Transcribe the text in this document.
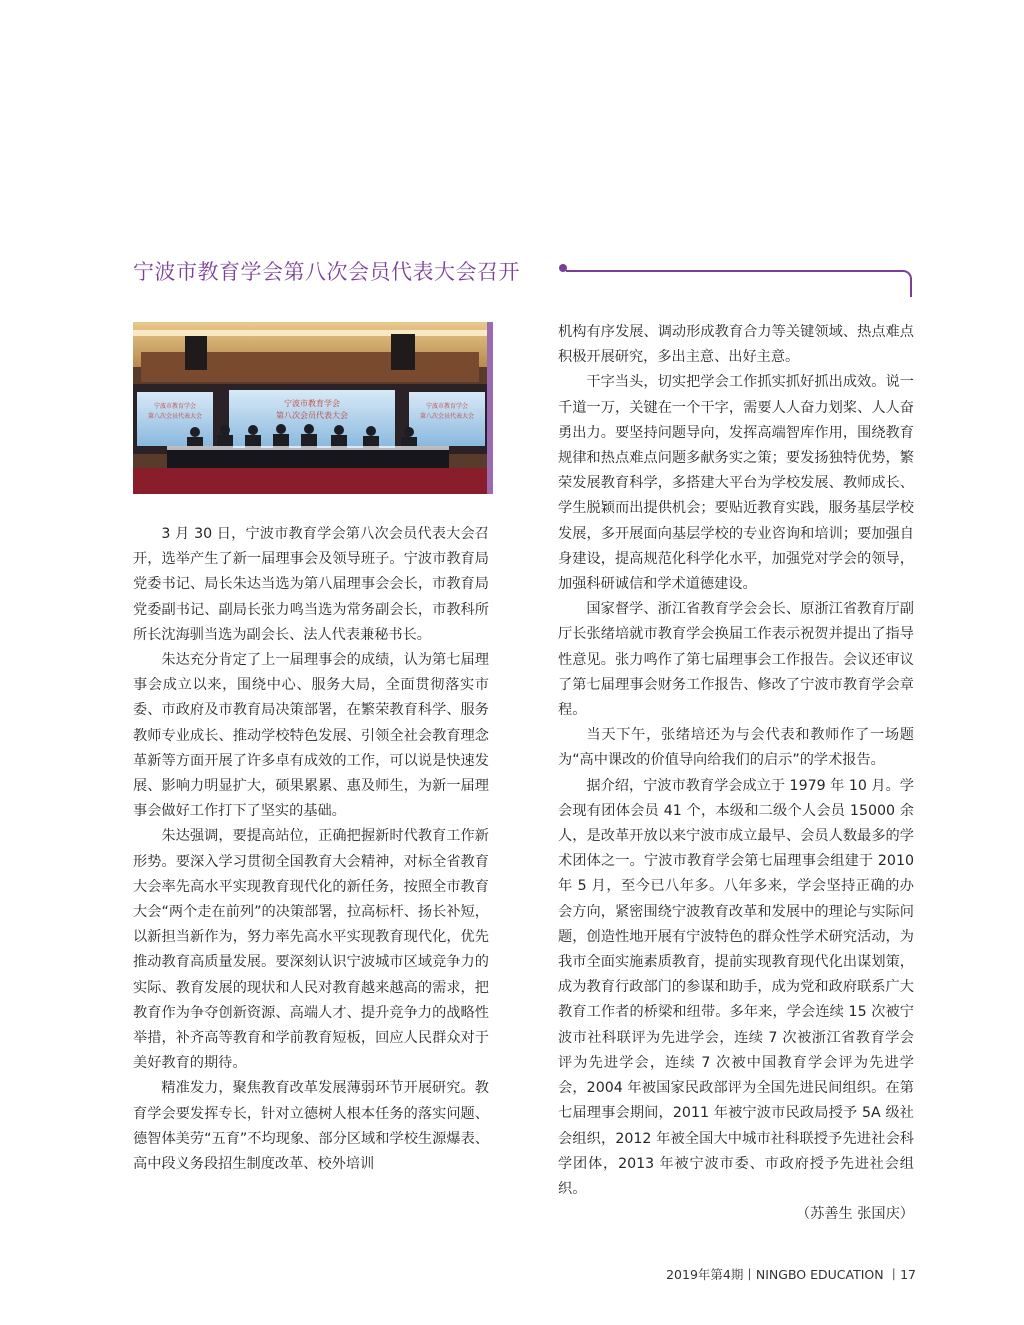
宁波市教育学会第八次会员代表大会召开
宁波市教育学会
第八次会员代表大会
宁波市教育学会
第八次会员代表大会
宁波市教育学会
第八次会员代表大会

3 月 30 日，宁波市教育学会第八次会员代表大会召开，选举产生了新一届理事会及领导班子。宁波市教育局党委书记、局长朱达当选为第八届理事会会长，市教育局党委副书记、副局长张力鸣当选为常务副会长，市教科所所长沈海驯当选为副会长、法人代表兼秘书长。

朱达充分肯定了上一届理事会的成绩，认为第七届理事会成立以来，围绕中心、服务大局，全面贯彻落实市委、市政府及市教育局决策部署，在繁荣教育科学、服务教师专业成长、推动学校特色发展、引领全社会教育理念革新等方面开展了许多卓有成效的工作，可以说是快速发展、影响力明显扩大，硕果累累、惠及师生，为新一届理事会做好工作打下了坚实的基础。

朱达强调，要提高站位，正确把握新时代教育工作新形势。要深入学习贯彻全国教育大会精神，对标全省教育大会率先高水平实现教育现代化的新任务，按照全市教育大会“两个走在前列”的决策部署，拉高标杆、扬长补短，以新担当新作为，努力率先高水平实现教育现代化，优先推动教育高质量发展。要深刻认识宁波城市区域竞争力的实际、教育发展的现状和人民对教育越来越高的需求，把教育作为争夺创新资源、高端人才、提升竞争力的战略性举措，补齐高等教育和学前教育短板，回应人民群众对于美好教育的期待。

精准发力，聚焦教育改革发展薄弱环节开展研究。教育学会要发挥专长，针对立德树人根本任务的落实问题、德智体美劳“五育”不均现象、部分区域和学校生源爆表、高中段义务段招生制度改革、校外培训

机构有序发展、调动形成教育合力等关键领域、热点难点积极开展研究，多出主意、出好主意。

干字当头，切实把学会工作抓实抓好抓出成效。说一千道一万，关键在一个干字，需要人人奋力划桨、人人奋勇出力。要坚持问题导向，发挥高端智库作用，围绕教育规律和热点难点问题多献务实之策；要发扬独特优势，繁荣发展教育科学，多搭建大平台为学校发展、教师成长、学生脱颖而出提供机会；要贴近教育实践，服务基层学校发展，多开展面向基层学校的专业咨询和培训；要加强自身建设，提高规范化科学化水平，加强党对学会的领导，加强科研诚信和学术道德建设。

国家督学、浙江省教育学会会长、原浙江省教育厅副厅长张绪培就市教育学会换届工作表示祝贺并提出了指导性意见。张力鸣作了第七届理事会工作报告。会议还审议了第七届理事会财务工作报告、修改了宁波市教育学会章程。

当天下午，张绪培还为与会代表和教师作了一场题为“高中课改的价值导向给我们的启示”的学术报告。

据介绍，宁波市教育学会成立于 1979 年 10 月。学会现有团体会员 41 个，本级和二级个人会员 15000 余人，是改革开放以来宁波市成立最早、会员人数最多的学术团体之一。宁波市教育学会第七届理事会组建于 2010 年 5 月，至今已八年多。八年多来，学会坚持正确的办会方向，紧密围绕宁波教育改革和发展中的理论与实际问题，创造性地开展有宁波特色的群众性学术研究活动，为我市全面实施素质教育，提前实现教育现代化出谋划策，成为教育行政部门的参谋和助手，成为党和政府联系广大教育工作者的桥梁和纽带。多年来，学会连续 15 次被宁波市社科联评为先进学会，连续 7 次被浙江省教育学会评为先进学会，连续 7 次被中国教育学会评为先进学会，2004 年被国家民政部评为全国先进民间组织。在第七届理事会期间，2011 年被宁波市民政局授予 5A 级社会组织，2012 年被全国大中城市社科联授予先进社会科学团体，2013 年被宁波市委、市政府授予先进社会组织。

（苏善生 张国庆）

2019年第4期丨NINGBO EDUCATION 丨17
